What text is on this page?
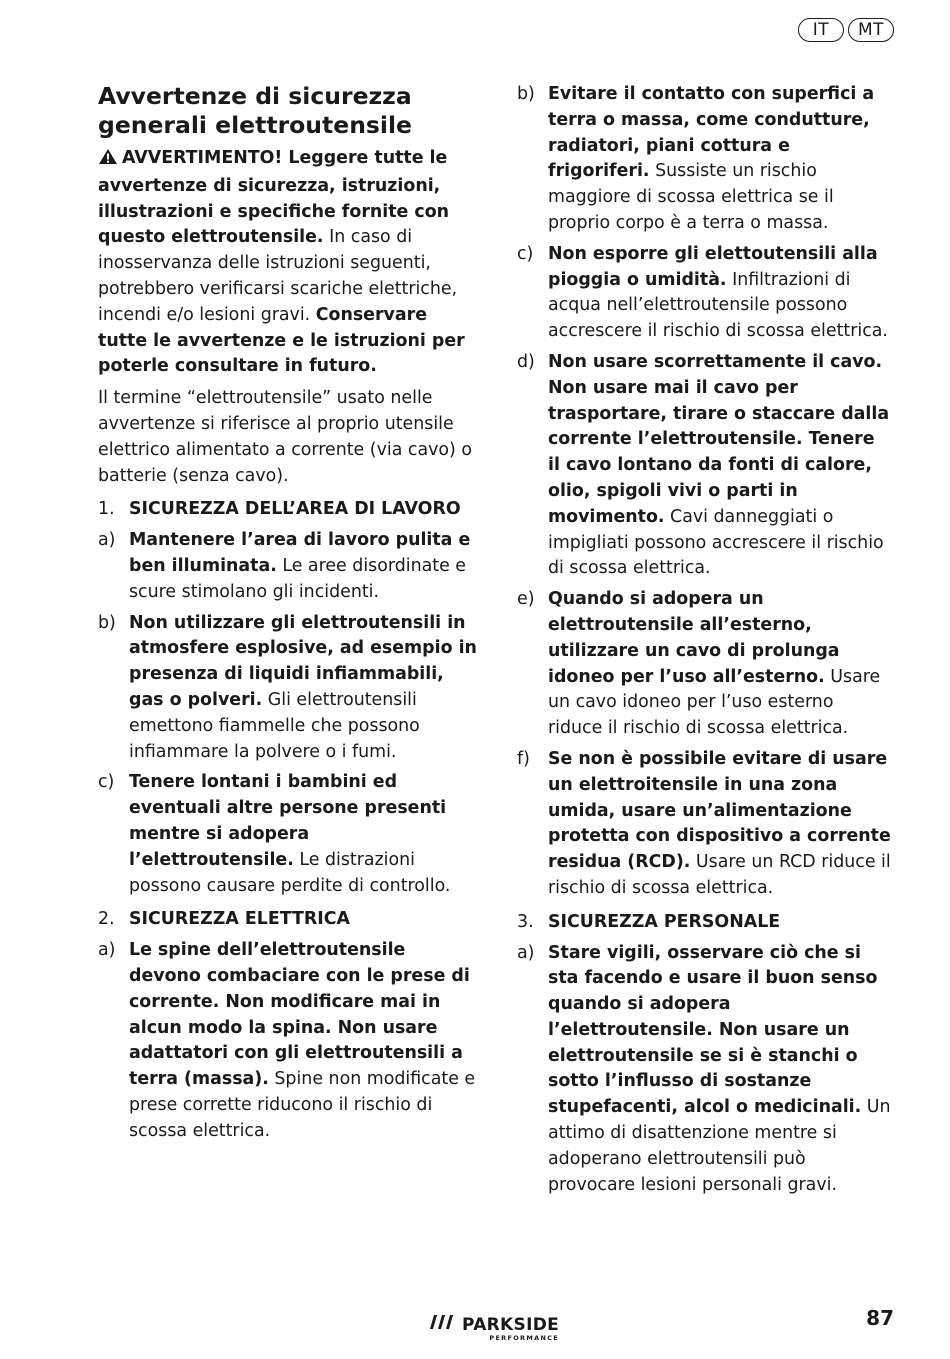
IT	MT
Avvertenze di sicurezza
generali elettroutensile

AVVERTIMENTO! Leggere tutte le avvertenze di sicurezza, istruzioni, illustrazioni e specifiche fornite con questo elettroutensile. In caso di inosservanza delle istruzioni seguenti, potrebbero verificarsi scariche elettriche, incendi e/o lesioni gravi. Conservare tutte le avvertenze e le istruzioni per poterle consultare in futuro.

Il termine “elettroutensile” usato nelle avvertenze si riferisce al proprio utensile elettrico alimentato a corrente (via cavo) o batterie (senza cavo).

1. SICUREZZA DELL’AREA DI LAVORO
a) Mantenere l’area di lavoro pulita e ben illuminata. Le aree disordinate e scure stimolano gli incidenti.
b) Non utilizzare gli elettroutensili in atmosfere esplosive, ad esempio in presenza di liquidi infiammabili, gas o polveri. Gli elettroutensili emettono fiammelle che possono infiammare la polvere o i fumi.
c) Tenere lontani i bambini ed eventuali altre persone presenti mentre si adopera l’elettroutensile. Le distrazioni possono causare perdite di controllo.
2. SICUREZZA ELETTRICA
a) Le spine dell’elettroutensile devono combaciare con le prese di corrente. Non modificare mai in alcun modo la spina. Non usare adattatori con gli elettroutensili a terra (massa). Spine non modificate e prese corrette riducono il rischio di scossa elettrica.
b) Evitare il contatto con superfici a terra o massa, come condutture, radiatori, piani cottura e frigoriferi. Sussiste un rischio maggiore di scossa elettrica se il proprio corpo è a terra o massa.
c) Non esporre gli elettoutensili alla pioggia o umidità. Infiltrazioni di acqua nell’elettroutensile possono accrescere il rischio di scossa elettrica.
d) Non usare scorrettamente il cavo. Non usare mai il cavo per trasportare, tirare o staccare dalla corrente l’elettroutensile. Tenere il cavo lontano da fonti di calore, olio, spigoli vivi o parti in movimento. Cavi danneggiati o impigliati possono accrescere il rischio di scossa elettrica.
e) Quando si adopera un elettroutensile all’esterno, utilizzare un cavo di prolunga idoneo per l’uso all’esterno. Usare un cavo idoneo per l’uso esterno riduce il rischio di scossa elettrica.
f)	Se non è possibile evitare di usare un elettroitensile in una zona umida, usare un’alimentazione protetta con dispositivo a corrente residua (RCD). Usare un RCD riduce il rischio di scossa elettrica.
3. SICUREZZA PERSONALE
a) Stare vigili, osservare ciò che si sta facendo e usare il buon senso quando si adopera l’elettroutensile. Non usare un elettroutensile se si è stanchi o sotto l’influsso di sostanze stupefacenti, alcol o medicinali. Un attimo di disattenzione mentre si adoperano elettroutensili può provocare lesioni personali gravi.
PARKSIDE
PERFORMANCE
87
